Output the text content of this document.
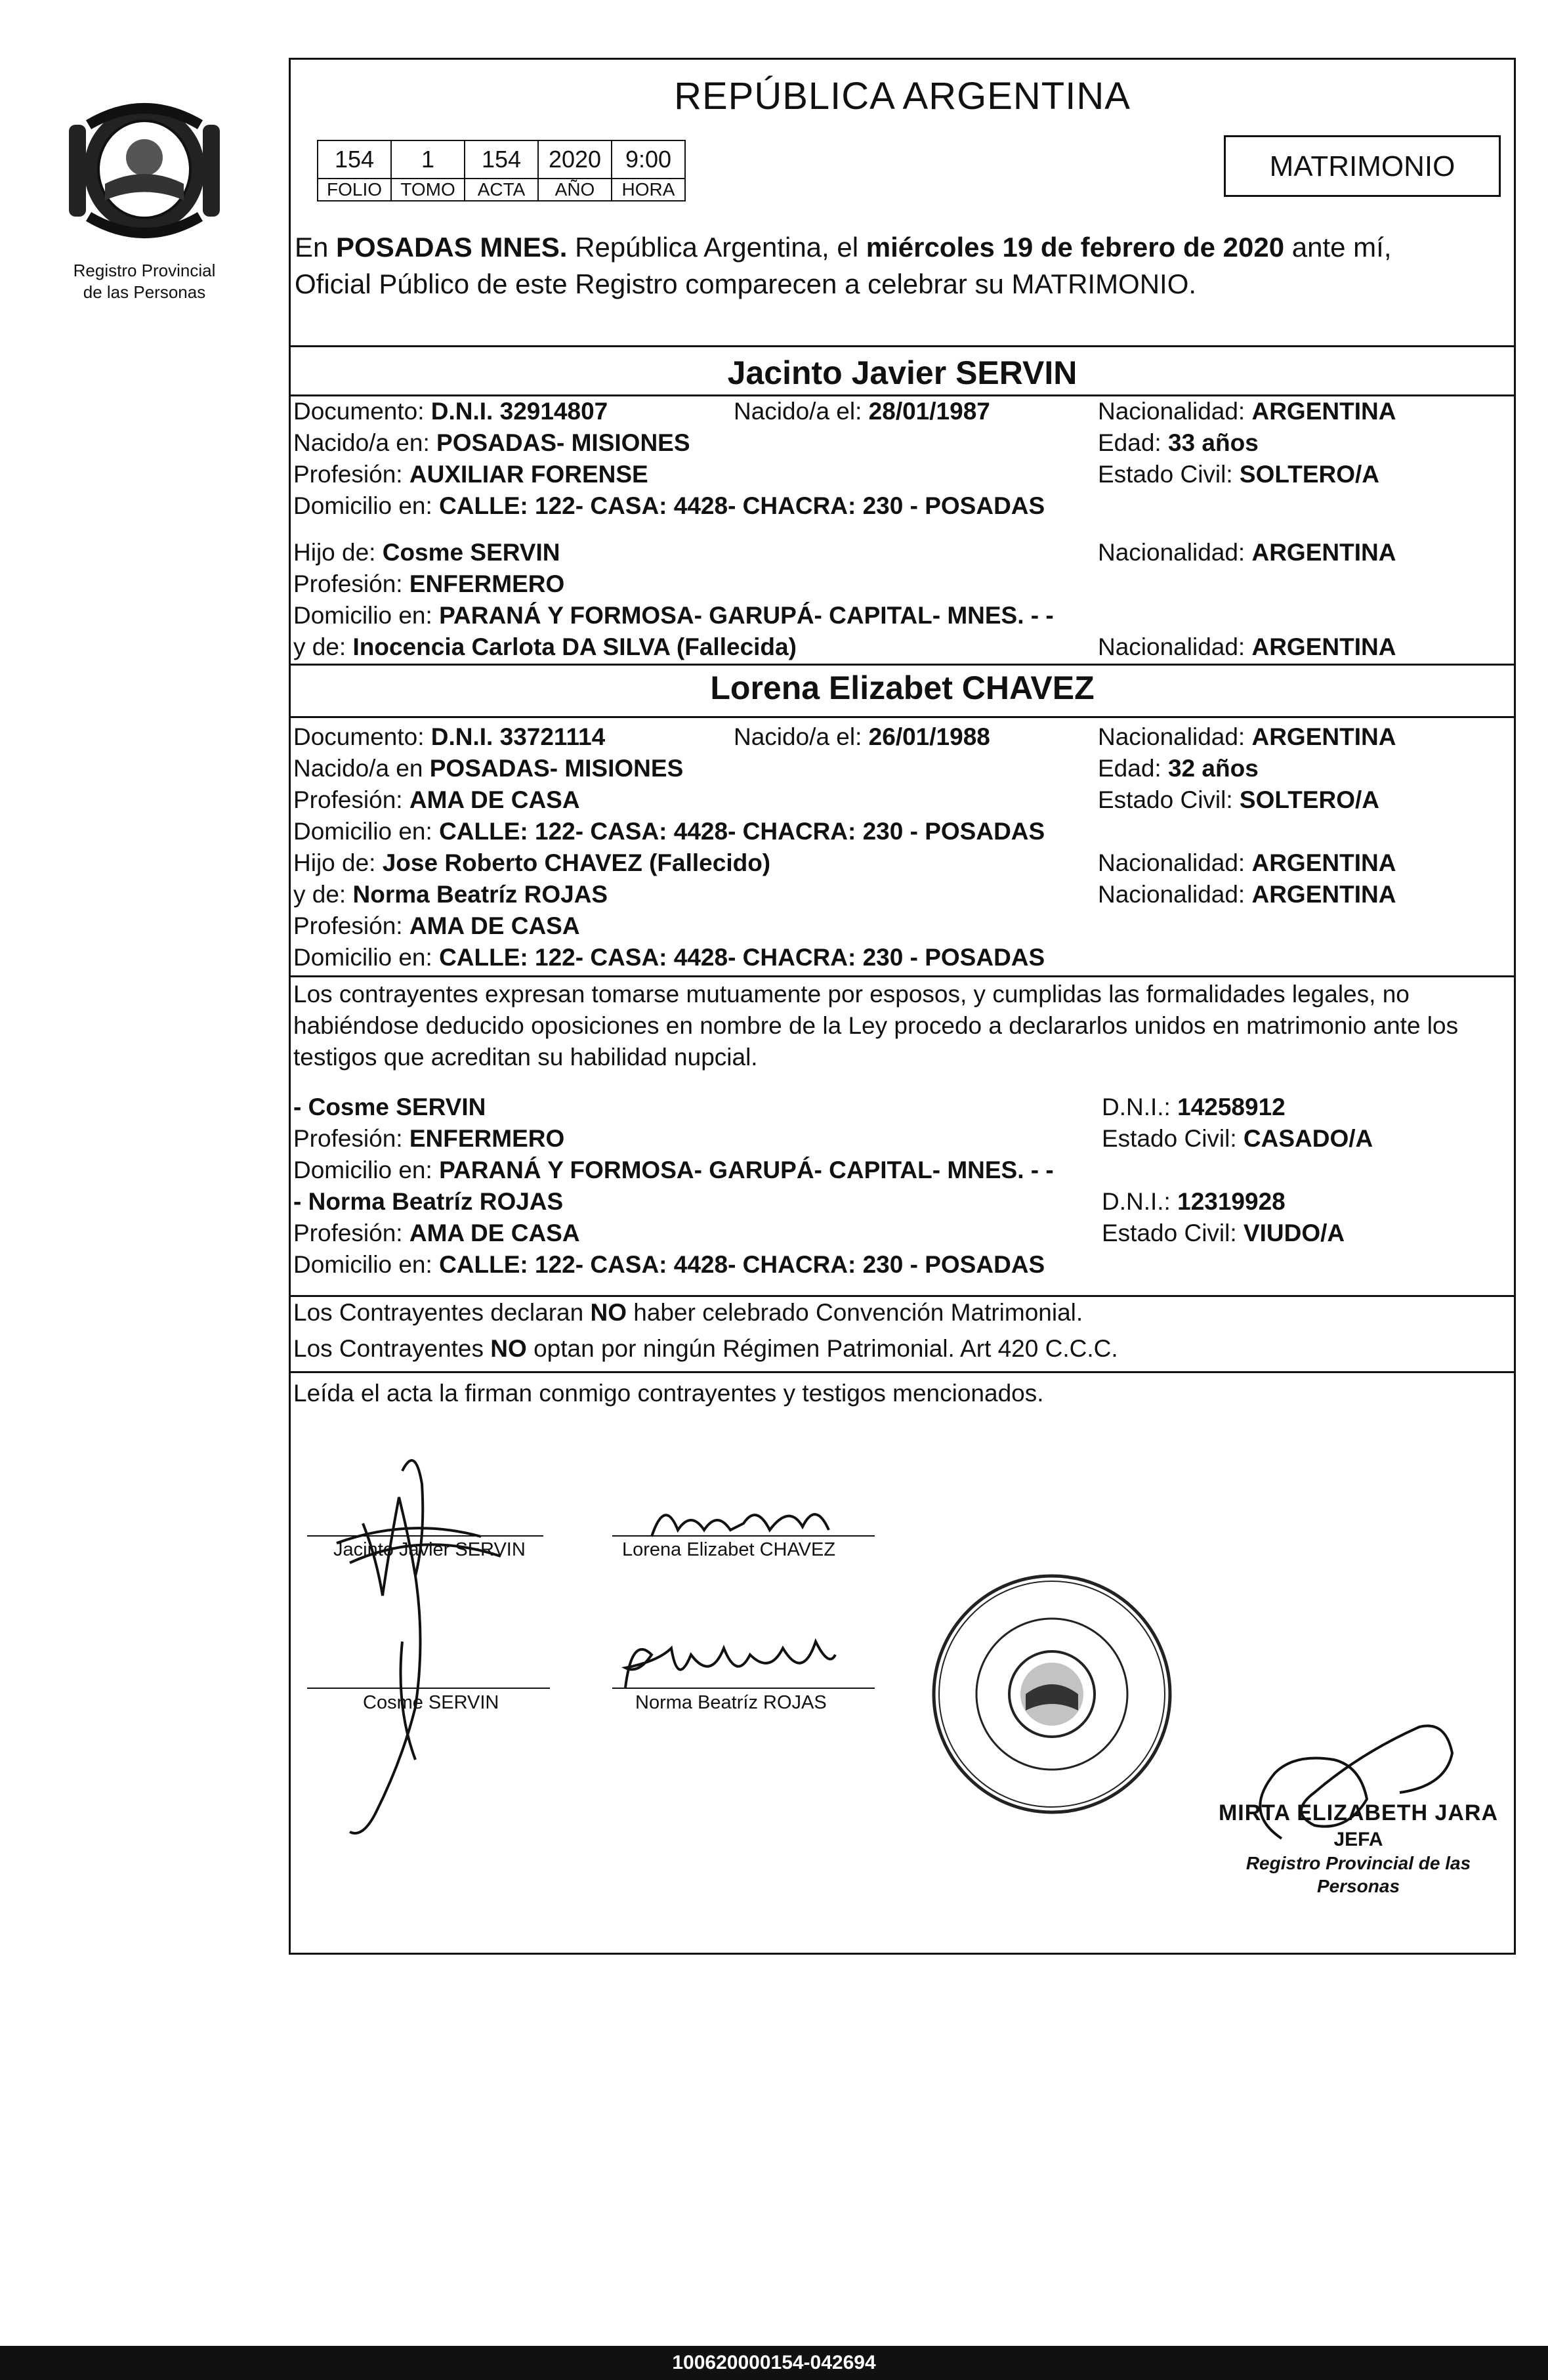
Registro Provincial
de las Personas
REPÚBLICA ARGENTINA
154	1	154	2020	9:00
FOLIO	TOMO	ACTA	AÑO	HORA
MATRIMONIO
En POSADAS MNES. República Argentina, el miércoles 19 de febrero de 2020 ante mí,
Oficial Público de este Registro comparecen a celebrar su MATRIMONIO.
Jacinto Javier SERVIN
Documento: D.N.I. 32914807	Nacido/a el: 28/01/1987	Nacionalidad: ARGENTINA
Nacido/a en: POSADAS- MISIONES	Edad: 33 años
Profesión: AUXILIAR FORENSE	Estado Civil: SOLTERO/A
Domicilio en: CALLE: 122- CASA: 4428- CHACRA: 230 - POSADAS
Hijo de: Cosme SERVIN	Nacionalidad: ARGENTINA
Profesión: ENFERMERO
Domicilio en: PARANÁ Y FORMOSA- GARUPÁ- CAPITAL- MNES. - -
y de: Inocencia Carlota DA SILVA (Fallecida)	Nacionalidad: ARGENTINA
Lorena Elizabet CHAVEZ
Documento: D.N.I. 33721114	Nacido/a el: 26/01/1988	Nacionalidad: ARGENTINA
Nacido/a en POSADAS- MISIONES	Edad: 32 años
Profesión: AMA DE CASA	Estado Civil: SOLTERO/A
Domicilio en: CALLE: 122- CASA: 4428- CHACRA: 230 - POSADAS
Hijo de: Jose Roberto CHAVEZ (Fallecido)	Nacionalidad: ARGENTINA
y de: Norma Beatríz ROJAS	Nacionalidad: ARGENTINA
Profesión: AMA DE CASA
Domicilio en: CALLE: 122- CASA: 4428- CHACRA: 230 - POSADAS
Los contrayentes expresan tomarse mutuamente por esposos, y cumplidas las formalidades legales, no habiéndose deducido oposiciones en nombre de la Ley procedo a declararlos unidos en matrimonio ante los testigos que acreditan su habilidad nupcial.
- Cosme SERVIN	D.N.I.: 14258912
Profesión: ENFERMERO	Estado Civil: CASADO/A
Domicilio en: PARANÁ Y FORMOSA- GARUPÁ- CAPITAL- MNES. - -
- Norma Beatríz ROJAS	D.N.I.: 12319928
Profesión: AMA DE CASA	Estado Civil: VIUDO/A
Domicilio en: CALLE: 122- CASA: 4428- CHACRA: 230 - POSADAS
Los Contrayentes declaran NO haber celebrado Convención Matrimonial.
Los Contrayentes NO optan por ningún Régimen Patrimonial. Art 420 C.C.C.
Leída el acta la firman conmigo contrayentes y testigos mencionados.
Jacinto Javier SERVIN	Lorena Elizabet CHAVEZ
Cosme SERVIN	Norma Beatríz ROJAS
MIRTA ELIZABETH JARA
JEFA
Registro Provincial de las Personas
100620000154-042694
